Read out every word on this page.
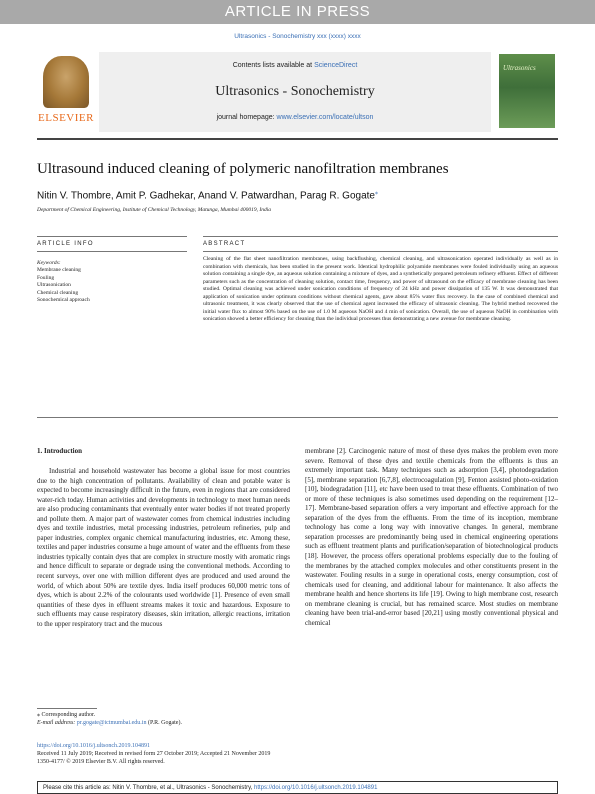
ARTICLE IN PRESS
Ultrasonics - Sonochemistry xxx (xxxx) xxxx
ELSEVIER
Contents lists available at ScienceDirect
Ultrasonics - Sonochemistry
journal homepage: www.elsevier.com/locate/ultson
Ultrasonics
Ultrasound induced cleaning of polymeric nanofiltration membranes
Nitin V. Thombre, Amit P. Gadhekar, Anand V. Patwardhan, Parag R. Gogate⁎
Department of Chemical Engineering, Institute of Chemical Technology, Matunga, Mumbai 400019, India
ARTICLE INFO	ABSTRACT
Keywords:
Membrane cleaning
Fouling
Ultrasonication
Chemical cleaning
Sonochemical approach
Cleaning of the flat sheet nanofiltration membranes, using backflushing, chemical cleaning, and ultrasonication operated individually as well as in combination with chemicals, has been studied in the present work. Identical hydrophilic polyamide membranes were fouled individually using an aqueous solution containing a single dye, an aqueous solution containing a mixture of dyes, and a synthetically prepared petroleum refinery effluent. Effect of different parameters such as the concentration of cleaning solution, contact time, frequency, and power of ultrasound on the efficacy of membrane cleaning has been studied. Optimal cleaning was achieved under sonication conditions of frequency of 24 kHz and power dissipation of 135 W. It was demonstrated that application of sonication under optimum conditions without chemical agents, gave about 85% water flux recovery. In the case of combined chemical and ultrasonic treatment, it was clearly observed that the use of chemical agent increased the efficacy of ultrasonic cleaning. The hybrid method recovered the initial water flux to almost 90% based on the use of 1.0 M aqueous NaOH and 4 min of sonication. Overall, the use of aqueous NaOH in combination with sonication showed a better efficiency for cleaning than the individual processes thus demonstrating a new avenue for membrane cleaning.
1. Introduction

Industrial and household wastewater has become a global issue for most countries due to the high concentration of pollutants. Availability of clean and potable water is expected to become increasingly difficult in the future, even in regions that are considered water-rich today. Human activities and developments in technology to meet human needs are also producing contaminants that eventually enter water bodies if not treated properly and pollute them. A major part of wastewater comes from chemical industries including dyes and textile industries, metal processing industries, petroleum refineries, pulp and paper industries, complex organic chemical manufacturing industries, etc. Among these, textiles and paper industries consume a huge amount of water and the effluents from these industries typically contain dyes that are complex in structure mostly with aromatic rings and hence difficult to separate or degrade using the conventional methods. According to recent surveys, over one with million different dyes are produced and used around the world, of which about 50% are textile dyes. India itself produces 60,000 metric tons of dyes, which is about 2.2% of the colourants used worldwide [1]. Presence of even small quantities of these dyes in effluent streams makes it toxic and hazardous. Exposure to such effluents may cause respiratory diseases, skin irritation, allergic reactions, irritation to the upper respiratory tract and the mucous

membrane [2]. Carcinogenic nature of most of these dyes makes the problem even more severe. Removal of these dyes and textile chemicals from the effluents is thus an extremely important task. Many techniques such as adsorption [3,4], photodegradation [5], membrane separation [6,7,8], electrocoagulation [9], Fenton assisted photo-oxidation [10], biodegradation [11], etc have been used to treat these effluents. Combination of two or more of these techniques is also sometimes used depending on the requirement [12–17]. Membrane-based separation offers a very important and effective approach for the separation of the dyes from the effluents. From the time of its inception, membrane technology has come a long way with innovative changes. In general, membrane separation processes are predominantly being used in chemical engineering operations such as effluent treatment plants and purification/separation of biotechnological products [18]. However, the process offers operational problems especially due to the fouling of the membranes by the attached complex molecules and other constituents present in the wastewater. Fouling results in a surge in operational costs, energy consumption, cost of chemicals used for cleaning, and additional labour for maintenance. It also affects the membrane health and hence shortens its life [19]. Owing to high membrane cost, research on membrane cleaning is crucial, but has remained scarce. Most studies on membrane cleaning have been trial-and-error based [20,21] using mostly conventional physical and chemical

⁎ Corresponding author.
E-mail address: pr.gogate@ictmumbai.edu.in (P.R. Gogate).
https://doi.org/10.1016/j.ultsonch.2019.104891
Received 11 July 2019; Received in revised form 27 October 2019; Accepted 21 November 2019
1350-4177/ © 2019 Elsevier B.V. All rights reserved.
Please cite this article as: Nitin V. Thombre, et al., Ultrasonics - Sonochemistry, https://doi.org/10.1016/j.ultsonch.2019.104891
